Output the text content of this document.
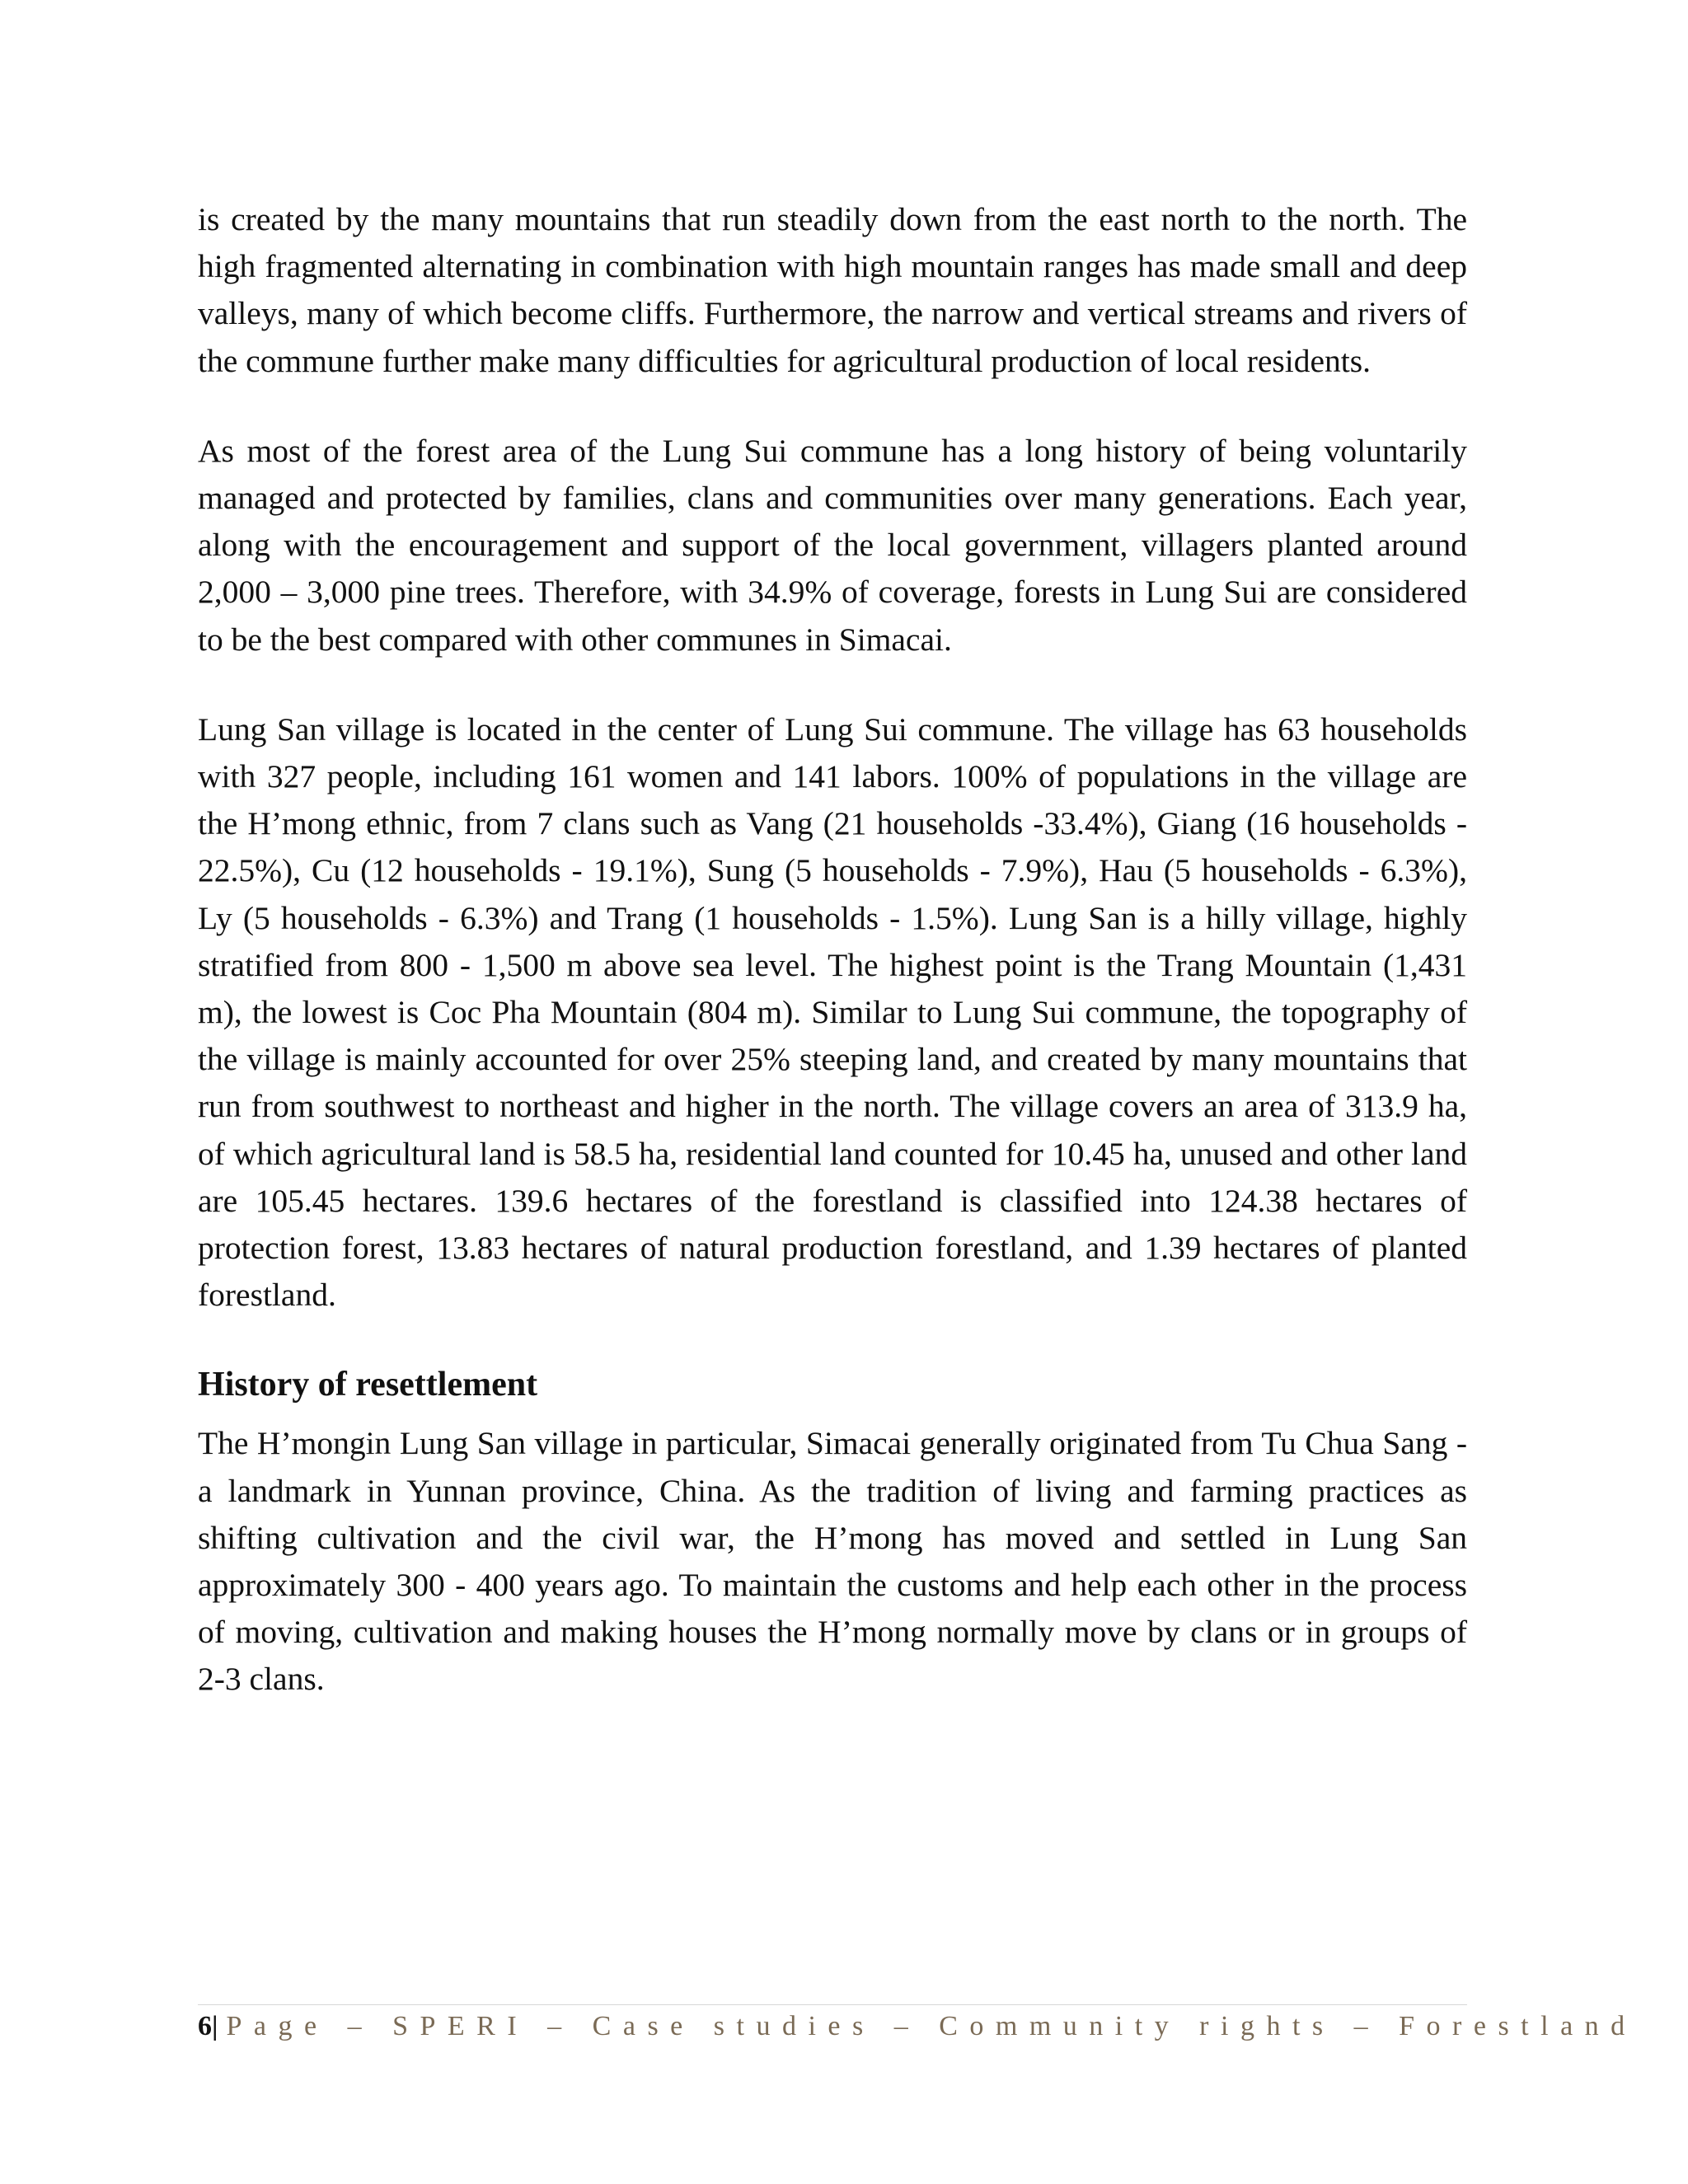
is created by the many mountains that run steadily down from the east north to the north. The high fragmented alternating in combination with high mountain ranges has made small and deep valleys, many of which become cliffs. Furthermore, the narrow and vertical streams and rivers of the commune further make many difficulties for agricultural production of local residents.

As most of the forest area of the Lung Sui commune has a long history of being voluntarily managed and protected by families, clans and communities over many generations. Each year, along with the encouragement and support of the local government, villagers planted around 2,000 – 3,000 pine trees. Therefore, with 34.9% of coverage, forests in Lung Sui are considered to be the best compared with other communes in Simacai.

Lung San village is located in the center of Lung Sui commune. The village has 63 households with 327 people, including 161 women and 141 labors. 100% of populations in the village are the H’mong ethnic, from 7 clans such as Vang (21 households -33.4%), Giang (16 households - 22.5%), Cu (12 households - 19.1%), Sung (5 households - 7.9%), Hau (5 households - 6.3%), Ly (5 households - 6.3%) and Trang (1 households - 1.5%). Lung San is a hilly village, highly stratified from 800 - 1,500 m above sea level. The highest point is the Trang Mountain (1,431 m), the lowest is Coc Pha Mountain (804 m). Similar to Lung Sui commune, the topography of the village is mainly accounted for over 25% steeping land, and created by many mountains that run from southwest to northeast and higher in the north. The village covers an area of 313.9 ha, of which agricultural land is 58.5 ha, residential land counted for 10.45 ha, unused and other land are 105.45 hectares. 139.6 hectares of the forestland is classified into 124.38 hectares of protection forest, 13.83 hectares of natural production forestland, and 1.39 hectares of planted forestland.

History of resettlement

The H’mongin Lung San village in particular, Simacai generally originated from Tu Chua Sang - a landmark in Yunnan province, China. As the tradition of living and farming practices as shifting cultivation and the civil war, the H’mong has moved and settled in Lung San approximately 300 - 400 years ago. To maintain the customs and help each other in the process of moving, cultivation and making houses the H’mong normally move by clans or in groups of 2-3 clans.

6| Page – SPERI – Case studies – Community rights – Forestland
